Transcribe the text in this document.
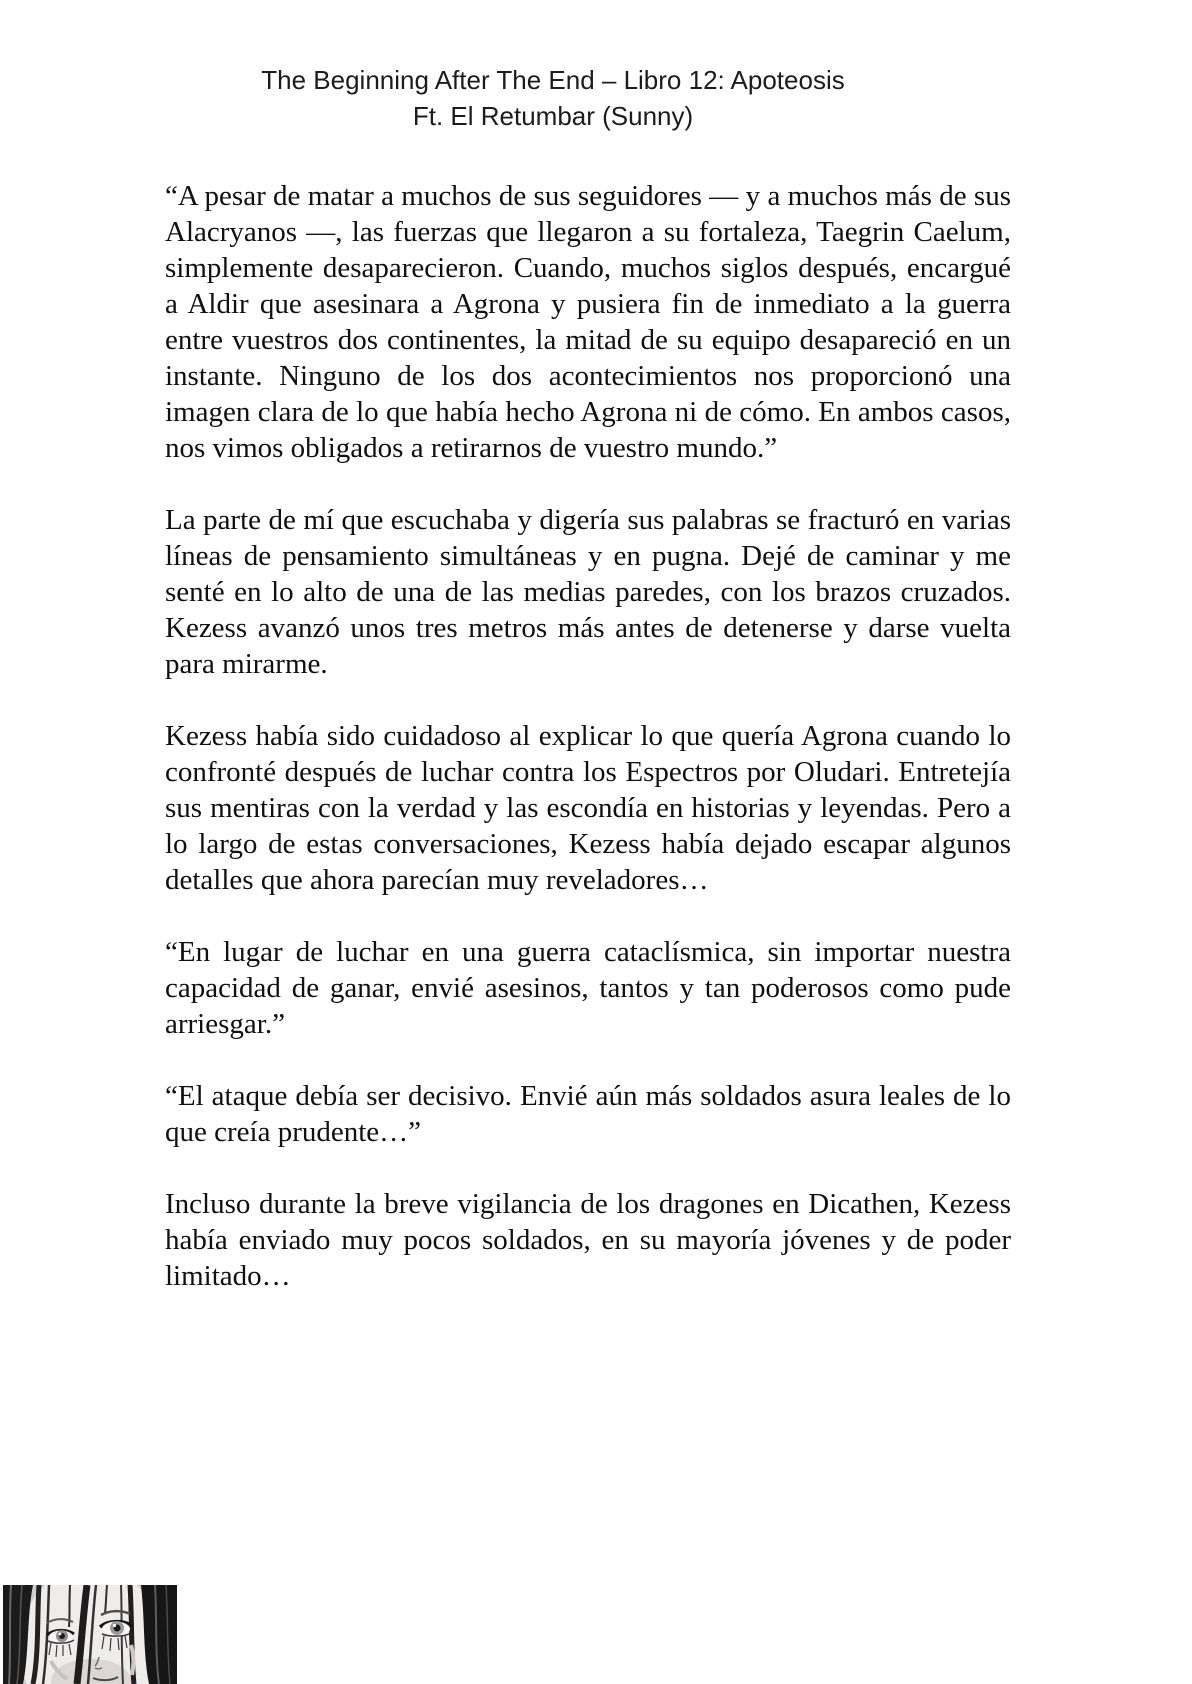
The Beginning After The End – Libro 12: Apoteosis
Ft. El Retumbar (Sunny)

“A pesar de matar a muchos de sus seguidores — y a muchos más de sus Alacryanos —, las fuerzas que llegaron a su fortaleza, Taegrin Caelum, simplemente desaparecieron. Cuando, muchos siglos después, encargué a Aldir que asesinara a Agrona y pusiera fin de inmediato a la guerra entre vuestros dos continentes, la mitad de su equipo desapareció en un instante. Ninguno de los dos acontecimientos nos proporcionó una imagen clara de lo que había hecho Agrona ni de cómo. En ambos casos, nos vimos obligados a retirarnos de vuestro mundo.”

La parte de mí que escuchaba y digería sus palabras se fracturó en varias líneas de pensamiento simultáneas y en pugna. Dejé de caminar y me senté en lo alto de una de las medias paredes, con los brazos cruzados. Kezess avanzó unos tres metros más antes de detenerse y darse vuelta para mirarme.

Kezess había sido cuidadoso al explicar lo que quería Agrona cuando lo confronté después de luchar contra los Espectros por Oludari. Entretejía sus mentiras con la verdad y las escondía en historias y leyendas. Pero a lo largo de estas conversaciones, Kezess había dejado escapar algunos detalles que ahora parecían muy reveladores…

“En lugar de luchar en una guerra cataclísmica, sin importar nuestra capacidad de ganar, envié asesinos, tantos y tan poderosos como pude arriesgar.”

“El ataque debía ser decisivo. Envié aún más soldados asura leales de lo que creía prudente…”

Incluso durante la breve vigilancia de los dragones en Dicathen, Kezess había enviado muy pocos soldados, en su mayoría jóvenes y de poder limitado…
